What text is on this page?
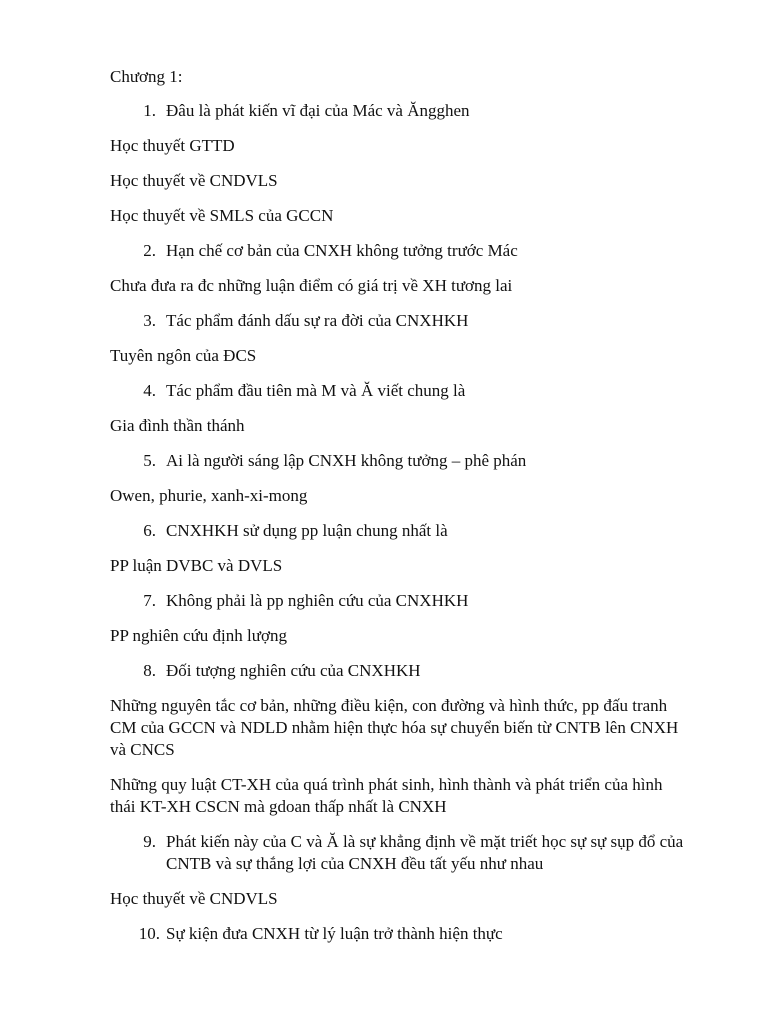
Chương 1:
1. Đâu là phát kiến vĩ đại của Mác và Ăngghen
Học thuyết GTTD
Học thuyết về CNDVLS
Học thuyết về SMLS của GCCN
2. Hạn chế cơ bản của CNXH không tưởng trước Mác
Chưa đưa ra đc những luận điểm có giá trị về XH tương lai
3. Tác phẩm đánh dấu sự ra đời của CNXHKH
Tuyên ngôn của ĐCS
4. Tác phẩm đầu tiên mà M và Ă viết chung là
Gia đình thần thánh
5. Ai là người sáng lập CNXH không tưởng – phê phán
Owen, phurie, xanh-xi-mong
6. CNXHKH sử dụng pp luận chung nhất là
PP luận DVBC và DVLS
7. Không phải là pp nghiên cứu của CNXHKH
PP nghiên cứu định lượng
8. Đối tượng nghiên cứu của CNXHKH
Những nguyên tắc cơ bản, những điều kiện, con đường và hình thức, pp đấu tranh CM của GCCN và NDLD nhằm hiện thực hóa sự chuyển biến từ CNTB lên CNXH và CNCS
Những quy luật CT-XH của quá trình phát sinh, hình thành và phát triển của hình thái KT-XH CSCN mà gdoan thấp nhất là CNXH
9. Phát kiến này của C và Ă là sự khẳng định về mặt triết học sự sự sụp đổ của CNTB và sự thắng lợi của CNXH đều tất yếu như nhau
Học thuyết về CNDVLS
10. Sự kiện đưa CNXH từ lý luận trở thành hiện thực
